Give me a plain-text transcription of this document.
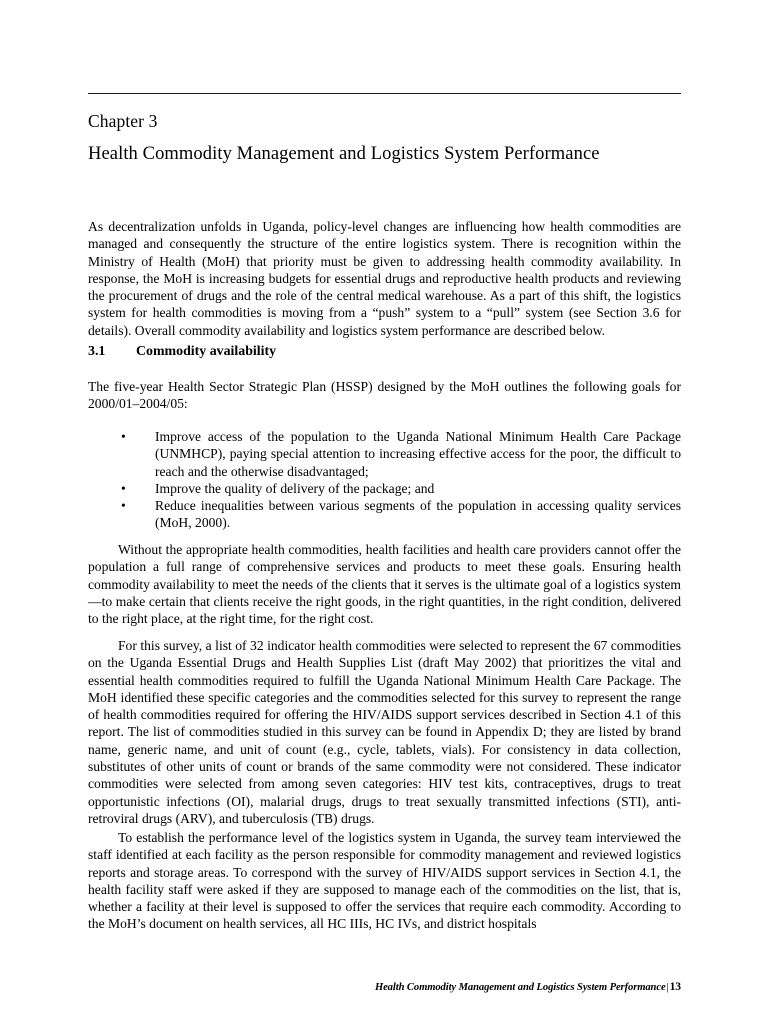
Chapter 3
Health Commodity Management and Logistics System Performance
As decentralization unfolds in Uganda, policy-level changes are influencing how health commodities are managed and consequently the structure of the entire logistics system. There is recognition within the Ministry of Health (MoH) that priority must be given to addressing health commodity availability. In response, the MoH is increasing budgets for essential drugs and reproductive health products and reviewing the procurement of drugs and the role of the central medical warehouse. As a part of this shift, the logistics system for health commodities is moving from a “push” system to a “pull” system (see Section 3.6 for details). Overall commodity availability and logistics system performance are described below.
3.1 Commodity availability
The five-year Health Sector Strategic Plan (HSSP) designed by the MoH outlines the following goals for 2000/01–2004/05:
• Improve access of the population to the Uganda National Minimum Health Care Package (UNMHCP), paying special attention to increasing effective access for the poor, the difficult to reach and the otherwise disadvantaged;
• Improve the quality of delivery of the package; and
• Reduce inequalities between various segments of the population in accessing quality services (MoH, 2000).
Without the appropriate health commodities, health facilities and health care providers cannot offer the population a full range of comprehensive services and products to meet these goals. Ensuring health commodity availability to meet the needs of the clients that it serves is the ultimate goal of a logistics system—to make certain that clients receive the right goods, in the right quantities, in the right condition, delivered to the right place, at the right time, for the right cost.
For this survey, a list of 32 indicator health commodities were selected to represent the 67 commodities on the Uganda Essential Drugs and Health Supplies List (draft May 2002) that prioritizes the vital and essential health commodities required to fulfill the Uganda National Minimum Health Care Package. The MoH identified these specific categories and the commodities selected for this survey to represent the range of health commodities required for offering the HIV/AIDS support services described in Section 4.1 of this report. The list of commodities studied in this survey can be found in Appendix D; they are listed by brand name, generic name, and unit of count (e.g., cycle, tablets, vials). For consistency in data collection, substitutes of other units of count or brands of the same commodity were not considered. These indicator commodities were selected from among seven categories: HIV test kits, contraceptives, drugs to treat opportunistic infections (OI), malarial drugs, drugs to treat sexually transmitted infections (STI), anti-retroviral drugs (ARV), and tuberculosis (TB) drugs.
To establish the performance level of the logistics system in Uganda, the survey team interviewed the staff identified at each facility as the person responsible for commodity management and reviewed logistics reports and storage areas. To correspond with the survey of HIV/AIDS support services in Section 4.1, the health facility staff were asked if they are supposed to manage each of the commodities on the list, that is, whether a facility at their level is supposed to offer the services that require each commodity. According to the MoH’s document on health services, all HC IIIs, HC IVs, and district hospitals
Health Commodity Management and Logistics System Performance|13
